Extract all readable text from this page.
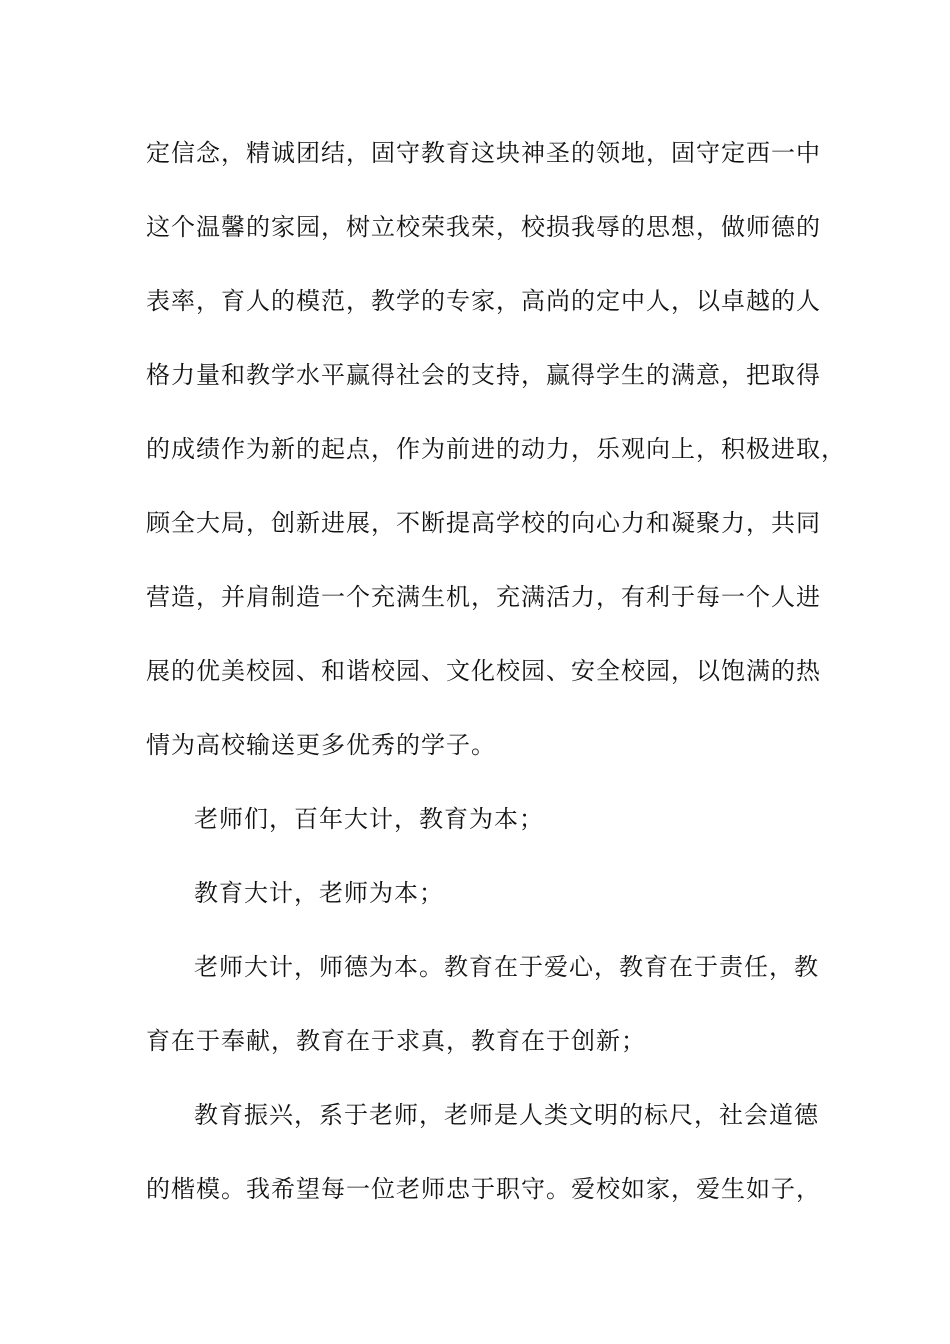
定信念，精诚团结，固守教育这块神圣的领地，固守定西一中
这个温馨的家园，树立校荣我荣，校损我辱的思想，做师德的
表率，育人的模范，教学的专家，高尚的定中人，以卓越的人
格力量和教学水平赢得社会的支持，赢得学生的满意，把取得
的成绩作为新的起点，作为前进的动力，乐观向上，积极进取，
顾全大局，创新进展，不断提高学校的向心力和凝聚力，共同
营造，并肩制造一个充满生机，充满活力，有利于每一个人进
展的优美校园、和谐校园、文化校园、安全校园，以饱满的热
情为高校输送更多优秀的学子。
老师们，百年大计，教育为本；
教育大计，老师为本；
老师大计，师德为本。教育在于爱心，教育在于责任，教
育在于奉献，教育在于求真，教育在于创新；
教育振兴，系于老师，老师是人类文明的标尺，社会道德
的楷模。我希望每一位老师忠于职守。爱校如家，爱生如子，
